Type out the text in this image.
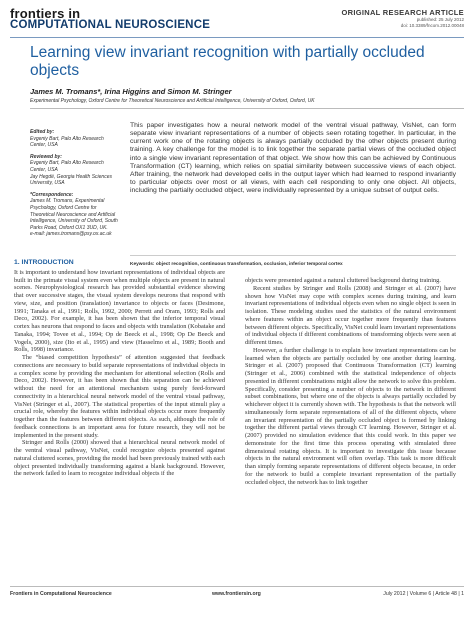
frontiers in
COMPUTATIONAL NEUROSCIENCE
ORIGINAL RESEARCH ARTICLE
published: 25 July 2012
doi: 10.3389/fncom.2012.00048
Learning view invariant recognition with partially occluded objects
James M. Tromans*, Irina Higgins and Simon M. Stringer
Experimental Psychology, Oxford Centre for Theoretical Neuroscience and Artificial Intelligence, University of Oxford, Oxford, UK
Edited by:
Evgeniy Bart, Palo Alto Research Center, USA
Reviewed by:
Evgeniy Bart, Palo Alto Research Center, USA
Jay Hegdé, Georgia Health Sciences University, USA
*Correspondence:
James M. Tromans, Experimental Psychology, Oxford Centre for Theoretical Neuroscience and Artificial Intelligence, University of Oxford, South Parks Road, Oxford OX1 3UD, UK.
e-mail: james.tromans@psy.ox.ac.uk
This paper investigates how a neural network model of the ventral visual pathway, VisNet, can form separate view invariant representations of a number of objects seen rotating together. In particular, in the current work one of the rotating objects is always partially occluded by the other objects present during training. A key challenge for the model is to link together the separate partial views of the occluded object into a single view invariant representation of that object. We show how this can be achieved by Continuous Transformation (CT) learning, which relies on spatial similarity between successive views of each object. After training, the network had developed cells in the output layer which had learned to respond invariantly to particular objects over most or all views, with each cell responding to only one object. All objects, including the partially occluded object, were individually represented by a unique subset of output cells.
Keywords: object recognition, continuous transformation, occlusion, inferior temporal cortex
1. INTRODUCTION

It is important to understand how invariant representations of individual objects are built in the primate visual system even when multiple objects are present in natural scenes. Neurophysiological research has provided substantial evidence showing that over successive stages, the visual system develops neurons that respond with view, size, and position (translation) invariance to objects or faces (Desimone, 1991; Tanaka et al., 1991; Rolls, 1992, 2000; Perrett and Oram, 1993; Rolls and Deco, 2002). For example, it has been shown that the inferior temporal visual cortex has neurons that respond to faces and objects with translation (Kobatake and Tanaka, 1994; Tovee et al., 1994; Op de Beeck et al., 1998; Op De Beeck and Vogels, 2000), size (Ito et al., 1995) and view (Hasselmo et al., 1989; Booth and Rolls, 1998) invariance.

The “biased competition hypothesis” of attention suggested that feedback connections are necessary to build separate representations of individual objects in a complex scene by providing the mechanism for attentional selection (Rolls and Deco, 2002). However, it has been shown that this separation can be achieved without the need for an attentional mechanism using purely feed-forward connectivity in a hierarchical neural network model of the ventral visual pathway, VisNet (Stringer et al., 2007). The statistical properties of the input stimuli play a crucial role, whereby the features within individual objects occur more frequently together than the features between different objects. As such, although the role of feedback connections is an important area for future research, they will not be implemented in the present study.

Stringer and Rolls (2000) showed that a hierarchical neural network model of the ventral visual pathway, VisNet, could recognize objects presented against natural cluttered scenes, providing the model had been previously trained with each object presented individually transforming against a blank background. However, the network failed to learn to recognize individual objects if the

objects were presented against a natural cluttered background during training.

Recent studies by Stringer and Rolls (2008) and Stringer et al. (2007) have shown how VisNet may cope with complex scenes during training, and learn invariant representations of individual objects even when no single object is seen in isolation. These modeling studies used the statistics of the natural environment where features within an object occur together more frequently than features between different objects. Specifically, VisNet could learn invariant representations of individual objects if different combinations of transforming objects were seen at different times.

However, a further challenge is to explain how invariant representations can be learned when the objects are partially occluded by one another during learning. Stringer et al. (2007) proposed that Continuous Transformation (CT) learning (Stringer et al., 2006) combined with the statistical independence of objects presented in different combinations might allow the network to solve this problem. Specifically, consider presenting a number of objects to the network in different subset combinations, but where one of the objects is always partially occluded by whichever object it is currently shown with. The hypothesis is that the network will simultaneously form separate representations of all of the different objects, where an invariant representation of the partially occluded object is formed by linking together the different partial views through CT learning. However, Stringer et al. (2007) provided no simulation evidence that this could work. In this paper we demonstrate for the first time this process operating with simulated three dimensional rotating objects. It is important to investigate this issue because objects in the natural environment will often overlap. This task is more difficult than simply forming separate representations of different objects because, in order for the network to build a complete invariant representation of the partially occluded object, the network has to link together

Frontiers in Computational Neuroscience	www.frontiersin.org	July 2012 | Volume 6 | Article 48 | 1
